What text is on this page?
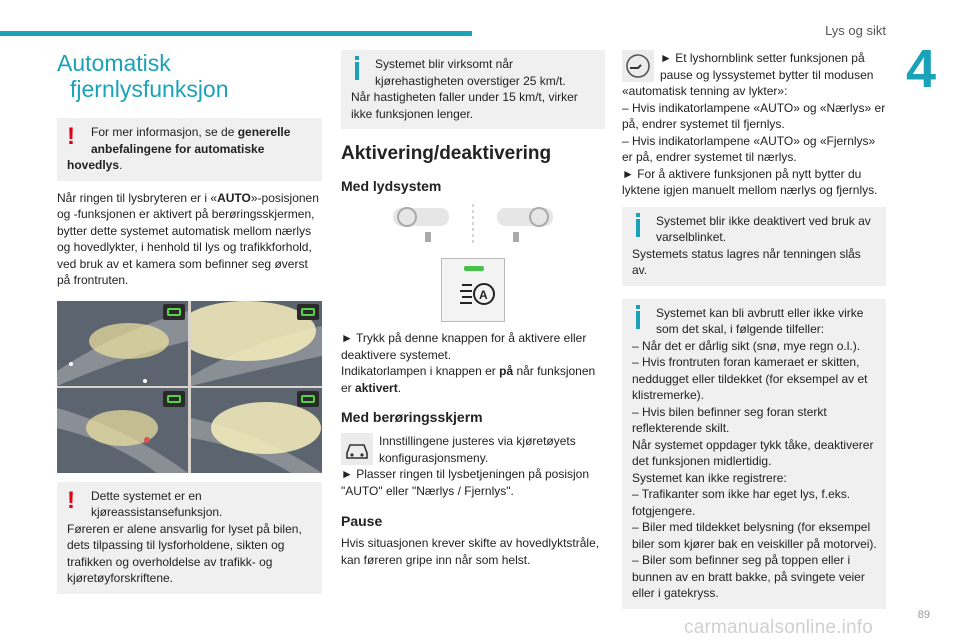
Lys og sikt
4
Automatisk
fjernlysfunksjon
!	For mer informasjon, se de generelle
anbefalingene for automatiske
hovedlys.

Når ringen til lysbryteren er i «AUTO»-posisjonen og -funksjonen er aktivert på berøringsskjermen, bytter dette systemet automatisk mellom nærlys og hovedlykter, i henhold til lys og trafikkforhold, ved bruk av et kamera som befinner seg øverst på frontruten.

!	Dette systemet er en
kjøreassistansefunksjon.
Føreren er alene ansvarlig for lyset på bilen, dets tilpassing til lysforholdene, sikten og trafikken og overholdelse av trafikk- og kjøretøyforskriftene.
Systemet blir virksomt når
kjørehastigheten overstiger 25 km/t.
Når hastigheten faller under 15 km/t, virker ikke funksjonen lenger.
Aktivering/deaktivering
Med lydsystem
A

► Trykk på denne knappen for å aktivere eller deaktivere systemet.

Indikatorlampen i knappen er på når funksjonen er aktivert.

Med berøringsskjerm

Innstillingene justeres via kjøretøyets

konfigurasjonsmeny.

► Plasser ringen til lysbetjeningen på posisjon "AUTO" eller "Nærlys / Fjernlys".

Pause

Hvis situasjonen krever skifte av hovedlyktstråle, kan føreren gripe inn når som helst.

► Et lyshornblink setter funksjonen på

pause og lyssystemet bytter til modusen

«automatisk tenning av lykter»:

– Hvis indikatorlampene «AUTO» og «Nærlys» er på, endrer systemet til fjernlys.

– Hvis indikatorlampene «AUTO» og «Fjernlys» er på, endrer systemet til nærlys.

► For å aktivere funksjonen på nytt bytter du lyktene igjen manuelt mellom nærlys og fjernlys.

Systemet blir ikke deaktivert ved bruk av
varselblinket.
Systemets status lagres når tenningen slås av.
Systemet kan bli avbrutt eller ikke virke
som det skal, i følgende tilfeller:
– Når det er dårlig sikt (snø, mye regn o.l.).
– Hvis frontruten foran kameraet er skitten, neddugget eller tildekket (for eksempel av et klistremerke).
– Hvis bilen befinner seg foran sterkt reflekterende skilt.
Når systemet oppdager tykk tåke, deaktiverer det funksjonen midlertidig.
Systemet kan ikke registrere:
– Trafikanter som ikke har eget lys, f.eks. fotgjengere.
– Biler med tildekket belysning (for eksempel biler som kjører bak en veiskiller på motorvei).
– Biler som befinner seg på toppen eller i bunnen av en bratt bakke, på svingete veier eller i gatekryss.
89
carmanualsonline.info
